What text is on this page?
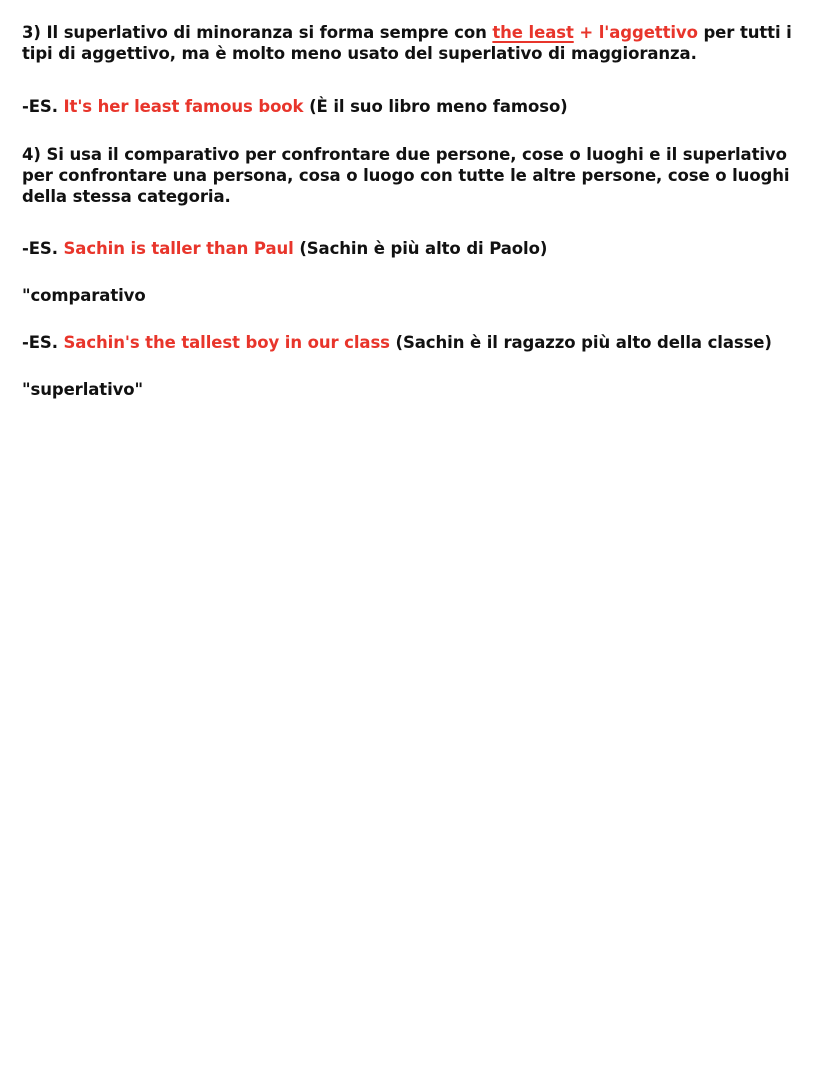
3) Il superlativo di minoranza si forma sempre con the least + l'aggettivo per tutti i tipi di aggettivo, ma è molto meno usato del superlativo di maggioranza.
-ES. It's her least famous book (È il suo libro meno famoso)
4) Si usa il comparativo per confrontare due persone, cose o luoghi e il superlativo per confrontare una persona, cosa o luogo con tutte le altre persone, cose o luoghi della stessa categoria.
-ES. Sachin is taller than Paul (Sachin è più alto di Paolo)
"comparativo
-ES. Sachin's the tallest boy in our class (Sachin è il ragazzo più alto della classe)
"superlativo"
